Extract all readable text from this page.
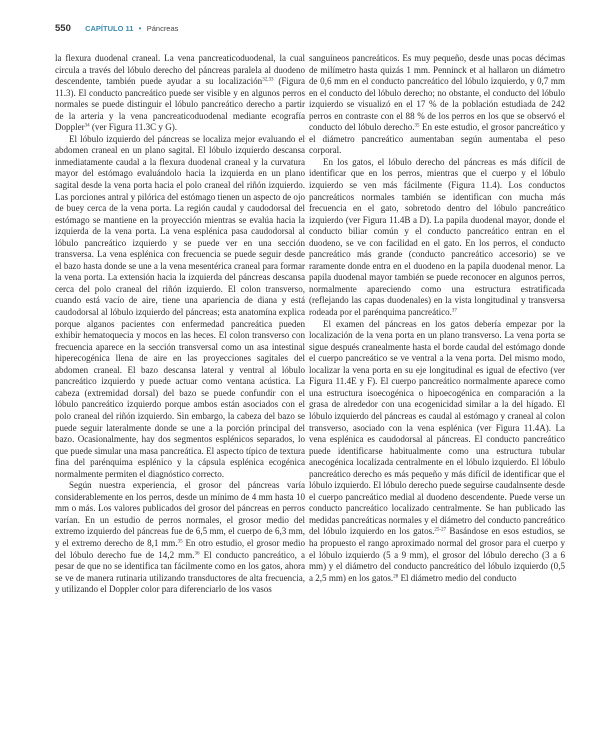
550 CAPÍTULO 11 • Páncreas

la flexura duodenal craneal. La vena pancreaticoduodenal, la cual circula a través del lóbulo derecho del páncreas paralela al duodeno descendente, también puede ayudar a su localización$^{32,33}$ (Figura 11.3). El conducto pancreático puede ser visible y en algunos perros normales se puede distinguir el lóbulo pancreático derecho a partir de la arteria y la vena pancreaticoduodenal mediante ecografía Doppler$^{34}$ (ver Figura 11.3C y G).

El lóbulo izquierdo del páncreas se localiza mejor evaluando el abdomen craneal en un plano sagital. El lóbulo izquierdo descansa inmediatamente caudal a la flexura duodenal craneal y la curvatura mayor del estómago evaluándolo hacia la izquierda en un plano sagital desde la vena porta hacia el polo craneal del riñón izquierdo. Las porciones antral y pilórica del estómago tienen un aspecto de ojo de buey cerca de la vena porta. La región caudal y caudodorsal del estómago se mantiene en la proyección mientras se evalúa hacia la izquierda de la vena porta. La vena esplénica pasa caudodorsal al lóbulo pancreático izquierdo y se puede ver en una sección transversa. La vena esplénica con frecuencia se puede seguir desde el bazo hasta donde se une a la vena mesentérica craneal para formar la vena porta. La extensión hacia la izquierda del páncreas descansa cerca del polo craneal del riñón izquierdo. El colon transverso, cuando está vacío de aire, tiene una apariencia de diana y está caudodorsal al lóbulo izquierdo del páncreas; esta anatomína explica porque alganos pacientes con enfermedad pancreática pueden exhibir hematoquecia y mocos en las heces. El colon transverso con frecuencia aparece en la sección transversal como un asa intestinal hiperecogénica llena de aire en las proyecciones sagitales del abdomen craneal. El bazo descansa lateral y ventral al lóbulo pancreático izquierdo y puede actuar como ventana acústica. La cabeza (extremidad dorsal) del bazo se puede confundir con el lóbulo pancreático izquierdo porque ambos están asociados con el polo craneal del riñón izquierdo. Sin embargo, la cabeza del bazo se puede seguir lateralmente donde se une a la porción principal del bazo. Ocasionalmente, hay dos segmentos esplénicos separados, lo que puede simular una masa pancreática. El aspecto típico de textura fina del parénquima esplénico y la cápsula esplénica ecogénica normalmente permiten el diagnóstico correcto.

Según nuestra experiencia, el grosor del páncreas varía considerablemente en los perros, desde un mínimo de 4 mm hasta 10 mm o más. Los valores publicados del grosor del páncreas en perros varían. En un estudio de perros normales, el grosor medio del extremo izquierdo del páncreas fue de 6,5 mm, el cuerpo de 6,3 mm, y el extremo derecho de 8,1 mm.$^{35}$ En otro estudio, el grosor medio del lóbulo derecho fue de 14,2 mm.$^{36}$ El conducto pancreático, a pesar de que no se identifica tan fácilmente como en los gatos, ahora se ve de manera rutinaria utilizando transductores de alta frecuencia, y utilizando el Doppler color para diferenciarlo de los vasos

sanguíneos pancreáticos. Es muy pequeño, desde unas pocas décimas de milímetro hasta quizás 1 mm. Penninck et al hallaron un diámetro de 0,6 mm en el conducto pancreático del lóbulo izquierdo, y 0,7 mm en el conducto del lóbulo derecho; no obstante, el conducto del lóbulo izquierdo se visualizó en el 17 % de la población estudiada de 242 perros en contraste con el 88 % de los perros en los que se observó el conducto del lóbulo derecho.$^{35}$ En este estudio, el grosor pancreático y el diámetro pancreático aumentaban según aumentaba el peso corporal.

En los gatos, el lóbulo derecho del páncreas es más difícil de identificar que en los perros, mientras que el cuerpo y el lóbulo izquierdo se ven más fácilmente (Figura 11.4). Los conductos pancreáticos normales también se identifican con mucha más frecuencia en el gato, sobretodo dentro del lóbulo pancreático izquierdo (ver Figura 11.4B a D). La papila duodenal mayor, donde el conducto biliar común y el conducto pancreático entran en el duodeno, se ve con facilidad en el gato. En los perros, el conducto pancreático más grande (conducto pancreático accesorio) se ve raramente donde entra en el duodeno en la papila duodenal menor. La papila duodenal mayor también se puede reconocer en algunos perros, normalmente apareciendo como una estructura estratificada (reflejando las capas duodenales) en la vista longitudinal y transversa rodeada por el parénquima pancreático.$^{37}$

El examen del páncreas en los gatos debería empezar por la localización de la vena porta en un plano transverso. La vena porta se sigue después cranealmente hasta el borde caudal del estómago donde el cuerpo pancreático se ve ventral a la vena porta. Del mismo modo, localizar la vena porta en su eje longitudinal es igual de efectivo (ver Figura 11.4E y F). El cuerpo pancreático normalmente aparece como una estructura isoecogénica o hipoecogénica en comparación a la grasa de alrededor con una ecogenicidad similar a la del hígado. El lóbulo izquierdo del páncreas es caudal al estómago y craneal al colon transverso, asociado con la vena esplénica (ver Figura 11.4A). La vena esplénica es caudodorsal al páncreas. El conducto pancreático puede identificarse habitualmente como una estructura tubular anecogénica localizada centralmente en el lóbulo izquierdo. El lóbulo pancreático derecho es más pequeño y más difícil de identificar que el lóbulo izquierdo. El lóbulo derecho puede seguirse caudalnsente desde el cuerpo pancreático medial al duodeno descendente. Puede verse un conducto pancreático localizado centralmente. Se han publicado las medidas pancreáticas normales y el diámetro del conducto pancreático del lóbulo izquierdo en los gatos.$^{25-27}$ Basándose en esos estudios, se ha propuesto el rango aproximado normal del grosor para el cuerpo y el lóbulo izquierdo (5 a 9 mm), el grosor del lóbulo derecho (3 a 6 mm) y el diámetro del conducto pancreático del lóbulo izquierdo (0,5 a 2,5 mm) en los gatos.$^{28}$ El diámetro medio del conducto
